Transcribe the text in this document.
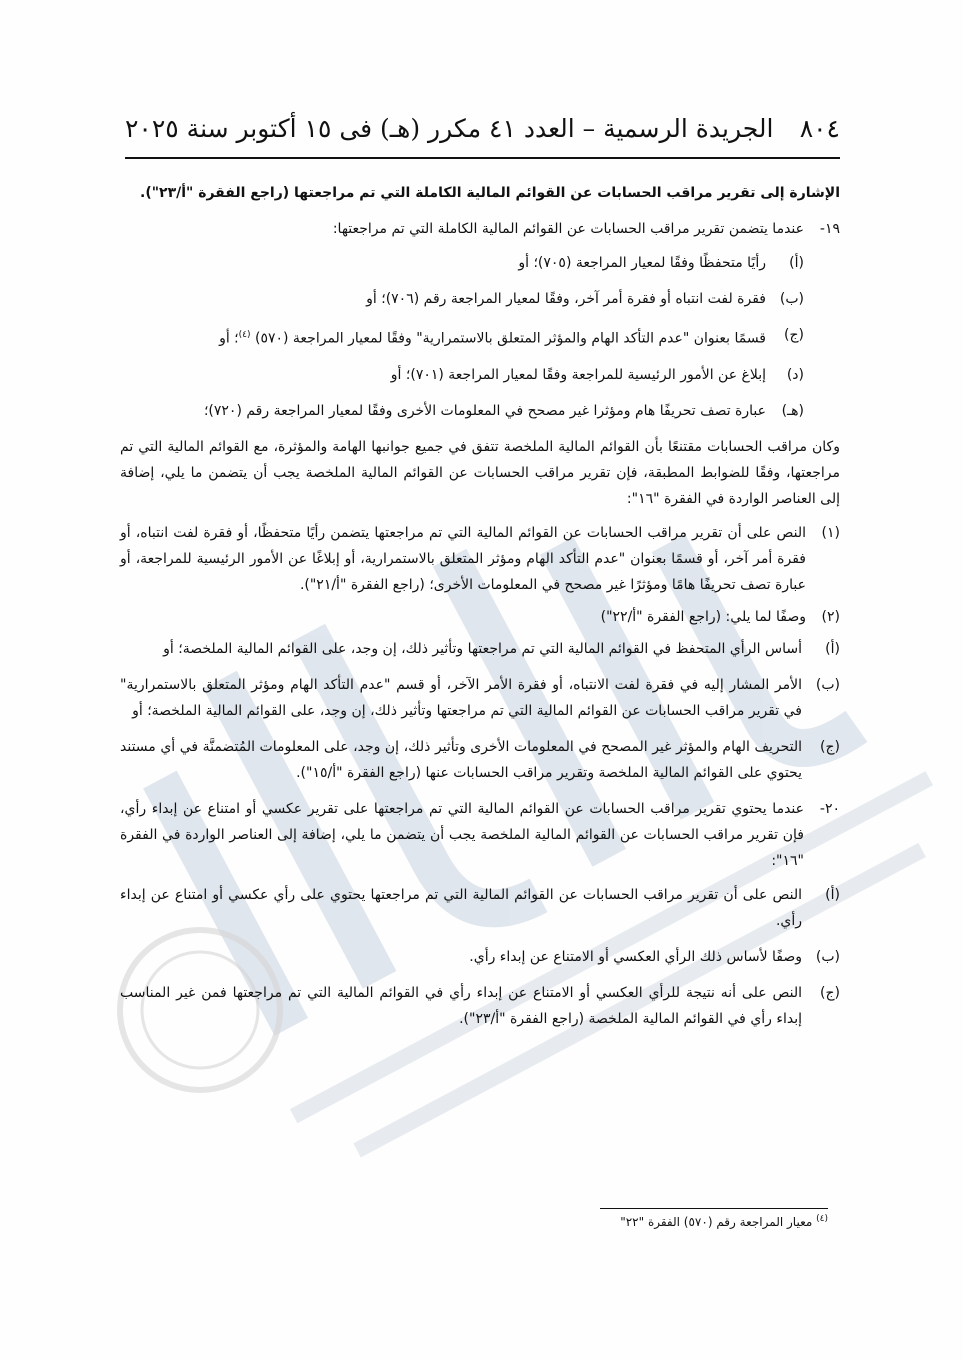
٨٠٤
الجريدة الرسمية – العدد ٤١ مكرر (هـ) فى ١٥ أكتوبر سنة ٢٠٢٥

الإشارة إلى تقرير مراقب الحسابات عن القوائم المالية الكاملة التي تم مراجعتها (راجع الفقرة "أ/٢٣").

١٩-
عندما يتضمن تقرير مراقب الحسابات عن القوائم المالية الكاملة التي تم مراجعتها:
(أ)
رأيًا متحفظًا وفقًا لمعيار المراجعة (٧٠٥)؛ أو
(ب)
فقرة لفت انتباه أو فقرة أمر آخر، وفقًا لمعيار المراجعة رقم (٧٠٦)؛ أو
(ج)
قسمًا بعنوان "عدم التأكد الهام والمؤثر المتعلق بالاستمرارية" وفقًا لمعيار المراجعة (٥٧٠) $^{(٤)}$؛ أو
(د)
إبلاغ عن الأمور الرئيسية للمراجعة وفقًا لمعيار المراجعة (٧٠١)؛ أو
(هـ)
عبارة تصف تحريفًا هام ومؤثرا غير مصحح في المعلومات الأخرى وفقًا لمعيار المراجعة رقم (٧٢٠)؛

وكان مراقب الحسابات مقتنعًا بأن القوائم المالية الملخصة تتفق في جميع جوانبها الهامة والمؤثرة، مع القوائم المالية التي تم مراجعتها، وفقًا للضوابط المطبقة، فإن تقرير مراقب الحسابات عن القوائم المالية الملخصة يجب أن يتضمن ما يلي، إضافة إلى العناصر الواردة في الفقرة "١٦":

(١)
النص على أن تقرير مراقب الحسابات عن القوائم المالية التي تم مراجعتها يتضمن رأيًا متحفظًا، أو فقرة لفت انتباه، أو فقرة أمر آخر، أو قسمًا بعنوان "عدم التأكد الهام ومؤثر المتعلق بالاستمرارية، أو إبلاغًا عن الأمور الرئيسية للمراجعة، أو عبارة تصف تحريفًا هامًا ومؤثرًا غير مصحح في المعلومات الأخرى؛ (راجع الفقرة "أ/٢١").
(٢)
وصفًا لما يلي: (راجع الفقرة "أ/٢٢")
(أ)
أساس الرأي المتحفظ في القوائم المالية التي تم مراجعتها وتأثير ذلك، إن وجد، على القوائم المالية الملخصة؛ أو
(ب)
الأمر المشار إليه في فقرة لفت الانتباه، أو فقرة الأمر الآخر، أو قسم "عدم التأكد الهام ومؤثر المتعلق بالاستمرارية" في تقرير مراقب الحسابات عن القوائم المالية التي تم مراجعتها وتأثير ذلك، إن وجد، على القوائم المالية الملخصة؛ أو
(ج)
التحريف الهام والمؤثر غير المصحح في المعلومات الأخرى وتأثير ذلك، إن وجد، على المعلومات المُتضمنَّة في أي مستند يحتوي على القوائم المالية الملخصة وتقرير مراقب الحسابات عنها (راجع الفقرة "أ/١٥").
٢٠-
عندما يحتوي تقرير مراقب الحسابات عن القوائم المالية التي تم مراجعتها على تقرير عكسي أو امتناع عن إبداء رأي، فإن تقرير مراقب الحسابات عن القوائم المالية الملخصة يجب أن يتضمن ما يلي، إضافة إلى العناصر الواردة في الفقرة "١٦":
(أ)
النص على أن تقرير مراقب الحسابات عن القوائم المالية التي تم مراجعتها يحتوي على رأي عكسي أو امتناع عن إبداء رأي.
(ب)
وصفًا لأساس ذلك الرأي العكسي أو الامتناع عن إبداء رأي.
(ج)
النص على أنه نتيجة للرأي العكسي أو الامتناع عن إبداء رأي في القوائم المالية التي تم مراجعتها فمن غير المناسب إبداء رأي في القوائم المالية الملخصة (راجع الفقرة "أ/٢٣").
$^{(٤)}$ معيار المراجعة رقم (٥٧٠) الفقرة "٢٢"
